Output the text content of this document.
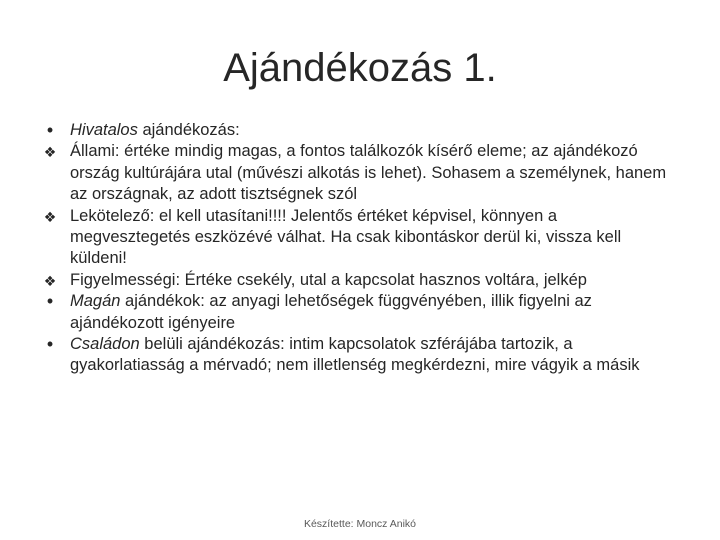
Ajándékozás 1.
•	Hivatalos ajándékozás:
❖ Állami: értéke mindig magas, a fontos találkozók kísérő eleme; az ajándékozó ország kultúrájára utal (művészi alkotás is lehet). Sohasem a személynek, hanem az országnak, az adott tisztségnek szól
❖ Lekötelező: el kell utasítani!!!! Jelentős értéket képvisel, könnyen a megvesztegetés eszközévé válhat. Ha csak kibontáskor derül ki, vissza kell küldeni!
❖ Figyelmességi: Értéke csekély, utal a kapcsolat hasznos voltára, jelkép
•	Magán ajándékok: az anyagi lehetőségek függvényében, illik figyelni az ajándékozott igényeire
•	Családon belüli ajándékozás: intim kapcsolatok szférájába tartozik, a gyakorlatiasság a mérvadó; nem illetlenség megkérdezni, mire vágyik a másik
Készítette: Moncz Anikó
